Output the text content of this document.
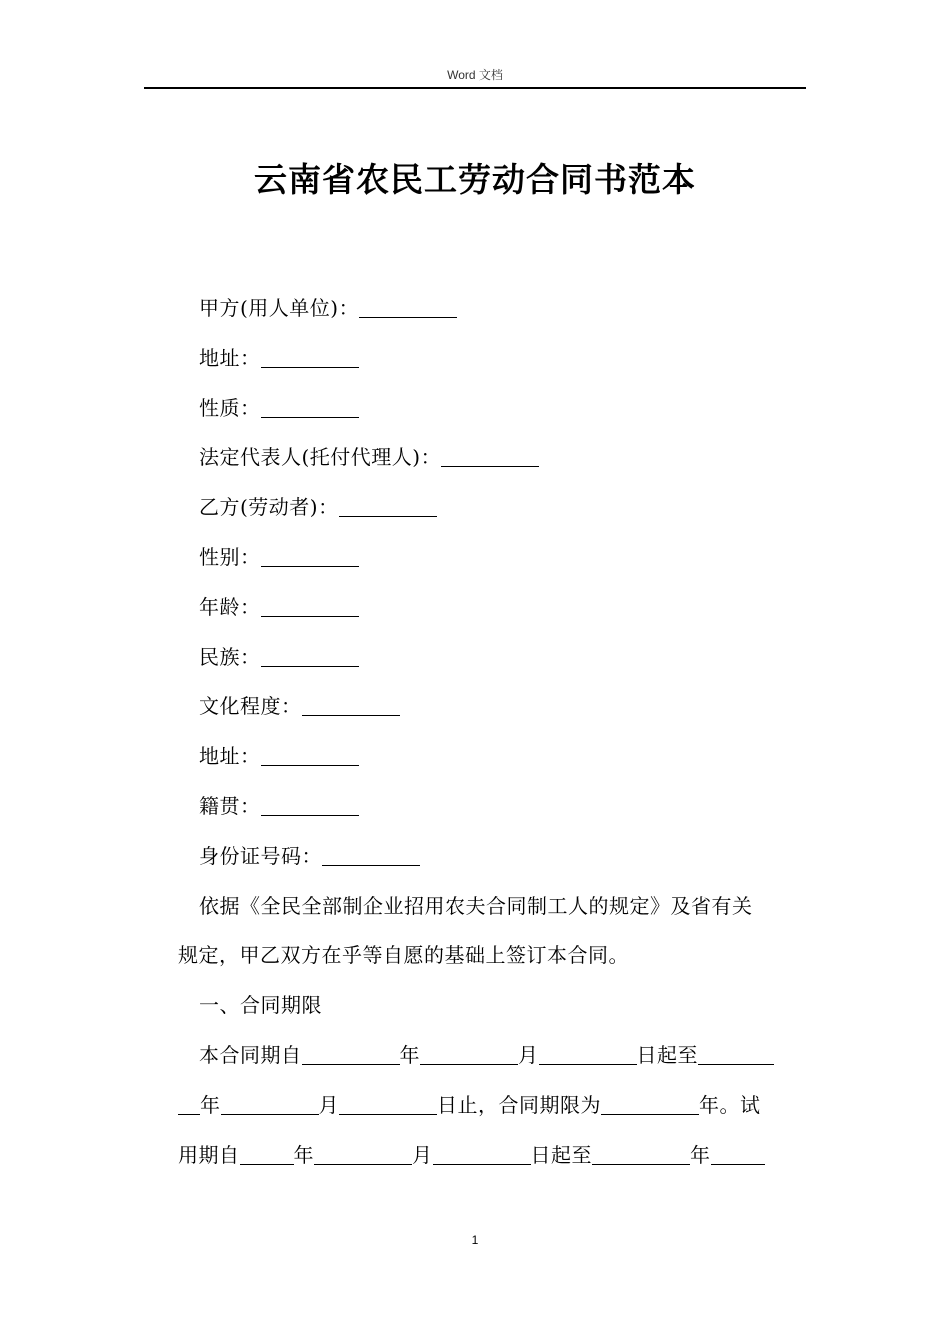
Word 文档
云南省农民工劳动合同书范本
甲方(用人单位)：
地址：
性质：
法定代表人(托付代理人)：
乙方(劳动者)：
性别：
年龄：
民族：
文化程度：
地址：
籍贯：
身份证号码：
依据《全民全部制企业招用农夫合同制工人的规定》及省有关
规定，甲乙双方在乎等自愿的基础上签订本合同。
一、合同期限
本合同期自	年	月	日起至
年	月	日止，合同期限为	年。试
用期自	年	月	日起至	年
1
